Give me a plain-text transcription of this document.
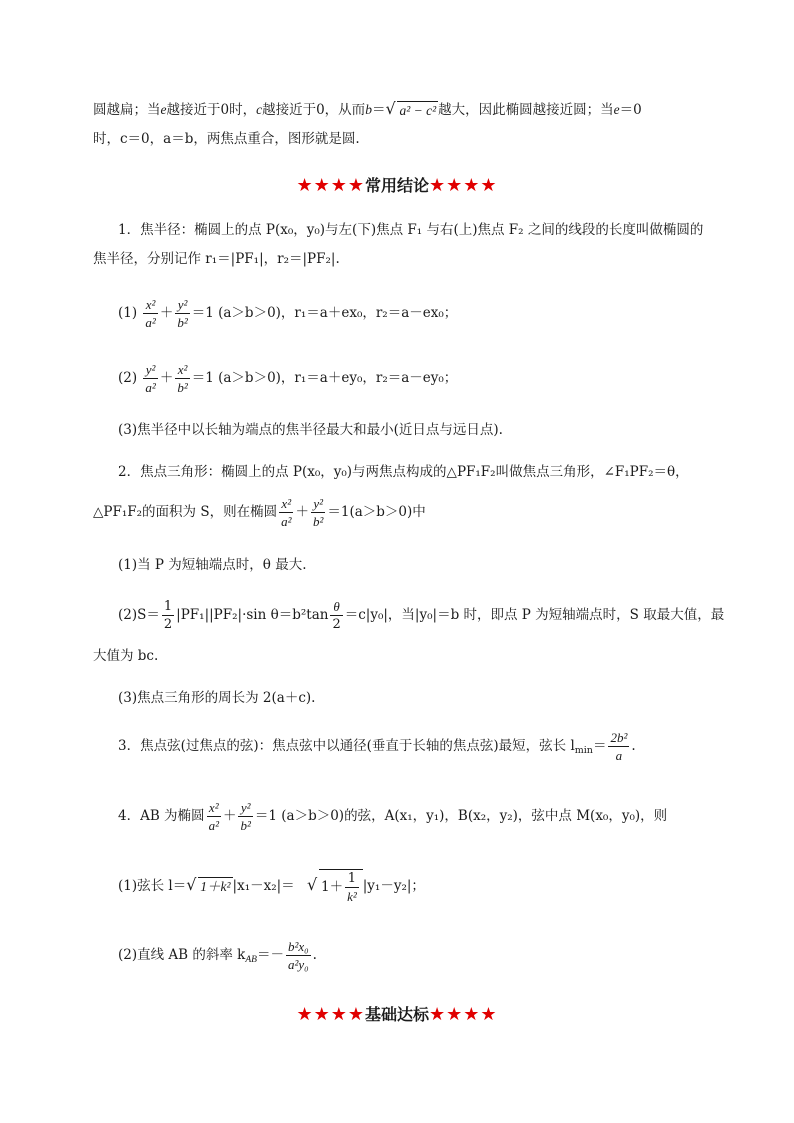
圆越扁；当e越接近于0时，c越接近于0，从而b＝ √ a² − c² 越大，因此椭圆越接近圆；当e＝0
时，c＝0，a＝b，两焦点重合，图形就是圆.
★★★★常用结论★★★★
1．焦半径：椭圆上的点 P(x₀，y₀)与左(下)焦点 F₁ 与右(上)焦点 F₂ 之间的线段的长度叫做椭圆的
焦半径，分别记作 r₁＝|PF₁|，r₂＝|PF₂|.
$(1) \frac{\text{x²}}{\text{a²}} + \frac{\text{y²}}{\text{b²}} =1$ (a＞b＞0)，r₁＝a＋ex₀，r₂＝a－ex₀；
$(2) \frac{\text{y²}}{\text{a²}} + \frac{\text{x²}}{\text{b²}} =1$ (a＞b＞0)，r₁＝a＋ey₀，r₂＝a－ey₀；
(3)焦半径中以长轴为端点的焦半径最大和最小(近日点与远日点).
2．焦点三角形：椭圆上的点 P(x₀，y₀)与两焦点构成的△PF₁F₂叫做焦点三角形，∠F₁PF₂＝θ，
△PF₁F₂的面积为 S，则在椭圆 $\frac{\text{x²}}{\text{a²}} + \frac{\text{y²}}{\text{b²}} =1(a>b>0)$中
(1)当 P 为短轴端点时，θ 最大.
$(2)S= \frac{1}{2} |PF_1||PF_2|\cdot\sin$ $\theta=b^2\tan \frac{\theta}{2} =c|y_0|$，当|y₀|＝b 时，即点 P 为短轴端点时，S 取最大值，最
大值为 bc.
(3)焦点三角形的周长为 2(a＋c).
3．焦点弦(过焦点的弦)：焦点弦中以通径(垂直于长轴的焦点弦)最短，弦长 $l_{min}= \frac{\text{2b²}}{a}$ .
4．AB 为椭圆 $\frac{\text{x²}}{\text{a²}} + \frac{\text{y²}}{\text{b²}} =1$ (a＞b＞0)的弦，A(x₁，y₁)，B(x₂，y₂)，弦中点 M(x₀，y₀)，则
(1)弦长 l＝ √ 1＋k² |x₁－x₂|＝ √ $1+ \frac{1}{\text{k²}} |y_1-y_2|$；
(2)直线 AB 的斜率 $k_{AB}=- \frac{\text{b²x₀}}{\text{a²y₀}}$ .
★★★★基础达标★★★★
